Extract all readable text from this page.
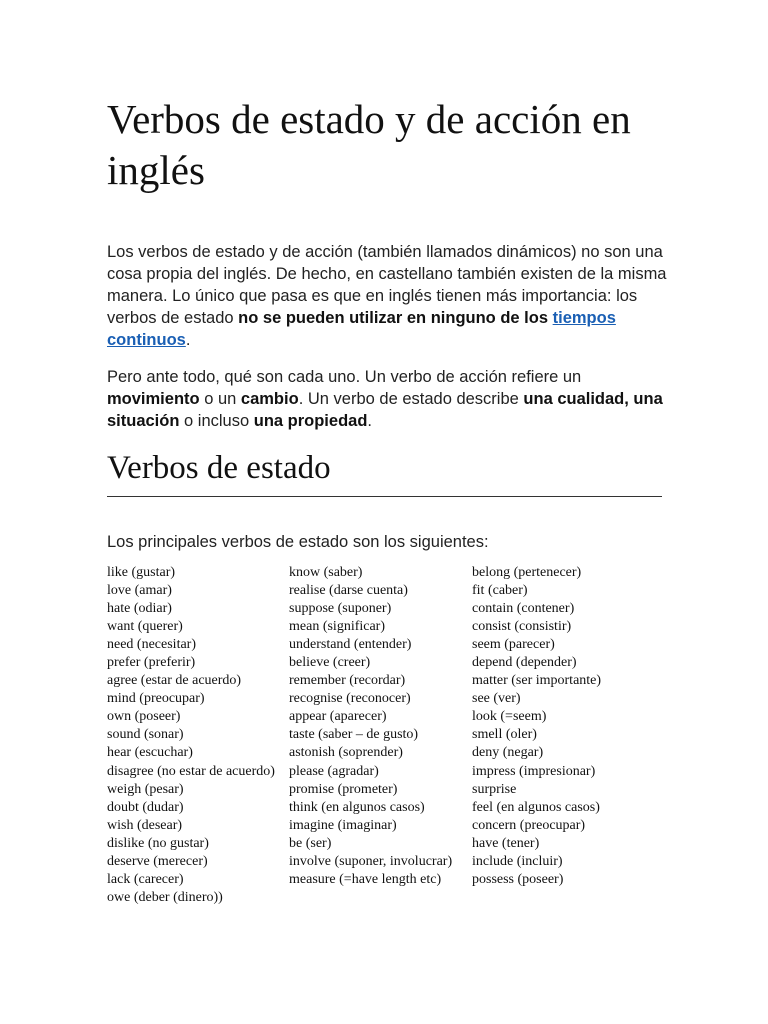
Verbos de estado y de acción en inglés

Los verbos de estado y de acción (también llamados dinámicos) no son una cosa propia del inglés. De hecho, en castellano también existen de la misma manera. Lo único que pasa es que en inglés tienen más importancia: los verbos de estado no se pueden utilizar en ninguno de los tiempos continuos.

Pero ante todo, qué son cada uno. Un verbo de acción refiere un movimiento o un cambio. Un verbo de estado describe una cualidad, una situación o incluso una propiedad.

Verbos de estado

Los principales verbos de estado son los siguientes:

like (gustar)
love (amar)
hate (odiar)
want (querer)
need (necesitar)
prefer (preferir)
agree (estar de acuerdo)
mind (preocupar)
own (poseer)
sound (sonar)
hear (escuchar)
disagree (no estar de acuerdo)
weigh (pesar)
doubt (dudar)
wish (desear)
dislike (no gustar)
deserve (merecer)
lack (carecer)
owe (deber (dinero))
know (saber)
realise (darse cuenta)
suppose (suponer)
mean (significar)
understand (entender)
believe (creer)
remember (recordar)
recognise (reconocer)
appear (aparecer)
taste (saber – de gusto)
astonish (soprender)
please (agradar)
promise (prometer)
think (en algunos casos)
imagine (imaginar)
be (ser)
involve (suponer, involucrar)
measure (=have length etc)
belong (pertenecer)
fit (caber)
contain (contener)
consist (consistir)
seem (parecer)
depend (depender)
matter (ser importante)
see (ver)
look (=seem)
smell (oler)
deny (negar)
impress (impresionar)
surprise
feel (en algunos casos)
concern (preocupar)
have (tener)
include (incluir)
possess (poseer)
